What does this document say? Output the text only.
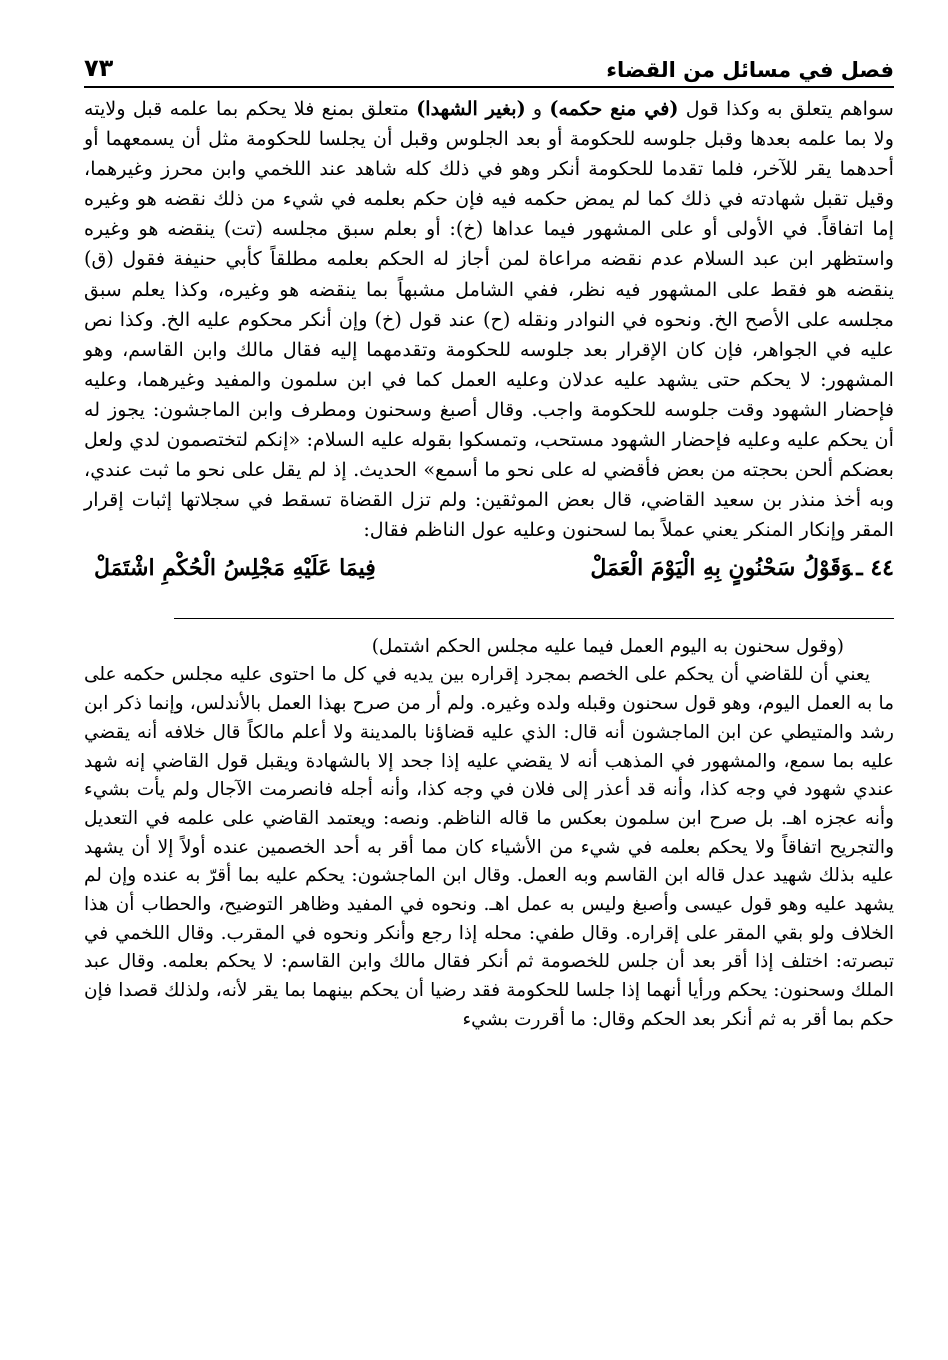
فصل في مسائل من القضاء
٧٣

سواهم يتعلق به وكذا قول (في منع حكمه) و (بغير الشهدا) متعلق بمنع فلا يحكم بما علمه قبل ولايته ولا بما علمه بعدها وقبل جلوسه للحكومة أو بعد الجلوس وقبل أن يجلسا للحكومة مثل أن يسمعهما أو أحدهما يقر للآخر، فلما تقدما للحكومة أنكر وهو في ذلك كله شاهد عند اللخمي وابن محرز وغيرهما، وقيل تقبل شهادته في ذلك كما لم يمض حكمه فيه فإن حكم بعلمه في شيء من ذلك نقضه هو وغيره إما اتفاقاً. في الأولى أو على المشهور فيما عداها (خ): أو بعلم سبق مجلسه (تت) ينقضه هو وغيره واستظهر ابن عبد السلام عدم نقضه مراعاة لمن أجاز له الحكم بعلمه مطلقاً كأبي حنيفة فقول (ق) ينقضه هو فقط على المشهور فيه نظر، ففي الشامل مشبهاً بما ينقضه هو وغيره، وكذا يعلم سبق مجلسه على الأصح الخ. ونحوه في النوادر ونقله (ح) عند قول (خ) وإن أنكر محكوم عليه الخ. وكذا نص عليه في الجواهر، فإن كان الإقرار بعد جلوسه للحكومة وتقدمهما إليه فقال مالك وابن القاسم، وهو المشهور: لا يحكم حتى يشهد عليه عدلان وعليه العمل كما في ابن سلمون والمفيد وغيرهما، وعليه فإحضار الشهود وقت جلوسه للحكومة واجب. وقال أصبغ وسحنون ومطرف وابن الماجشون: يجوز له أن يحكم عليه وعليه فإحضار الشهود مستحب، وتمسكوا بقوله عليه السلام: «إنكم لتختصمون لدي ولعل بعضكم ألحن بحجته من بعض فأقضي له على نحو ما أسمع» الحديث. إذ لم يقل على نحو ما ثبت عندي، وبه أخذ منذر بن سعيد القاضي، قال بعض الموثقين: ولم تزل القضاة تسقط في سجلاتها إثبات إقرار المقر وإنكار المنكر يعني عملاً بما لسحنون وعليه عول الناظم فقال:

٤٤ ـوَقَوْلُ سَحْنُونٍ بِهِ الْيَوْمَ الْعَمَلْ
فِيمَا عَلَيْهِ مَجْلِسُ الْحُكْمِ اشْتَمَلْ
(وقول سحنون به اليوم العمل فيما عليه مجلس الحكم اشتمل)

يعني أن للقاضي أن يحكم على الخصم بمجرد إقراره بين يديه في كل ما احتوى عليه مجلس حكمه على ما به العمل اليوم، وهو قول سحنون وقبله ولده وغيره. ولم أر من صرح بهذا العمل بالأندلس، وإنما ذكر ابن رشد والمتيطي عن ابن الماجشون أنه قال: الذي عليه قضاؤنا بالمدينة ولا أعلم مالكاً قال خلافه أنه يقضي عليه بما سمع، والمشهور في المذهب أنه لا يقضي عليه إذا جحد إلا بالشهادة ويقبل قول القاضي إنه شهد عندي شهود في وجه كذا، وأنه قد أعذر إلى فلان في وجه كذا، وأنه أجله فانصرمت الآجال ولم يأت بشيء وأنه عجزه اهـ. بل صرح ابن سلمون بعكس ما قاله الناظم. ونصه: ويعتمد القاضي على علمه في التعديل والتجريح اتفاقاً ولا يحكم بعلمه في شيء من الأشياء كان مما أقر به أحد الخصمين عنده أولاً إلا أن يشهد عليه بذلك شهيد عدل قاله ابن القاسم وبه العمل. وقال ابن الماجشون: يحكم عليه بما أقرّ به عنده وإن لم يشهد عليه وهو قول عيسى وأصبغ وليس به عمل اهـ. ونحوه في المفيد وظاهر التوضيح، والحطاب أن هذا الخلاف ولو بقي المقر على إقراره. وقال طفي: محله إذا رجع وأنكر ونحوه في المقرب. وقال اللخمي في تبصرته: اختلف إذا أقر بعد أن جلس للخصومة ثم أنكر فقال مالك وابن القاسم: لا يحكم بعلمه. وقال عبد الملك وسحنون: يحكم ورأيا أنهما إذا جلسا للحكومة فقد رضيا أن يحكم بينهما بما يقر لأنه، ولذلك قصدا فإن حكم بما أقر به ثم أنكر بعد الحكم وقال: ما أقررت بشيء
